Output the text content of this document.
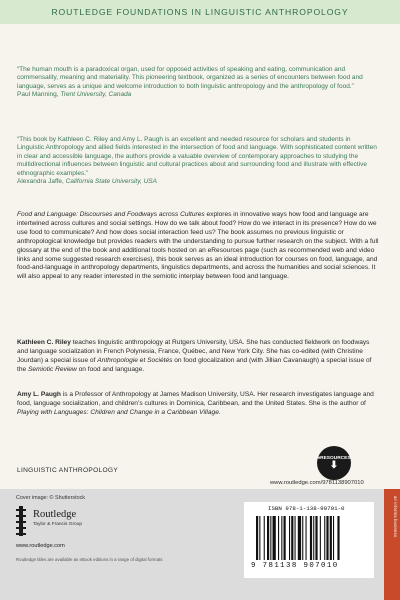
ROUTLEDGE FOUNDATIONS IN LINGUISTIC ANTHROPOLOGY
“The human mouth is a paradoxical organ, used for opposed activities of speaking and eating, communication and commensality, meaning and materiality. This pioneering textbook, organized as a series of encounters between food and language, serves as a unique and welcome introduction to both linguistic anthropology and the anthropology of food.”
Paul Manning, Trent University, Canada
“This book by Kathleen C. Riley and Amy L. Paugh is an excellent and needed resource for scholars and students in Linguistic Anthropology and allied fields interested in the intersection of food and language. With sophisticated content written in clear and accessible language, the authors provide a valuable overview of contemporary approaches to studying the multidirectional influences between linguistic and cultural practices about and surrounding food and illustrate with effective ethnographic examples.”
Alexandra Jaffe, California State University, USA
Food and Language: Discourses and Foodways across Cultures explores in innovative ways how food and language are intertwined across cultures and social settings. How do we talk about food? How do we interact in its presence? How do we use food to communicate? And how does social interaction feed us? The book assumes no previous linguistic or anthropological knowledge but provides readers with the understanding to pursue further research on the subject. With a full glossary at the end of the book and additional tools hosted on an eResources page (such as recommended web and video links and some suggested research exercises), this book serves as an ideal introduction for courses on food, language, and food-and-language in anthropology departments, linguistics departments, and across the humanities and social sciences. It will also appeal to any reader interested in the semiotic interplay between food and language.
Kathleen C. Riley teaches linguistic anthropology at Rutgers University, USA. She has conducted fieldwork on foodways and language socialization in French Polynesia, France, Québec, and New York City. She has co-edited (with Christine Jourdan) a special issue of Anthropologie et Sociétés on food glocalization and (with Jillian Cavanaugh) a special issue of the Semiotic Review on food and language.
Amy L. Paugh is a Professor of Anthropology at James Madison University, USA. Her research investigates language and food, language socialization, and children’s cultures in Dominica, Caribbean, and the United States. She is the author of Playing with Languages: Children and Change in a Caribbean Village.
LINGUISTIC ANTHROPOLOGY
eRESOURCES
⬇
www.routledge.com/9781138907010
Cover image: © Shutterstock
Routledge
Taylor & Francis Group
www.routledge.com
Routledge titles are available as eBook editions in a range of digital formats
ISBN 978-1-138-90701-0
9 781138 907010
an informa business
